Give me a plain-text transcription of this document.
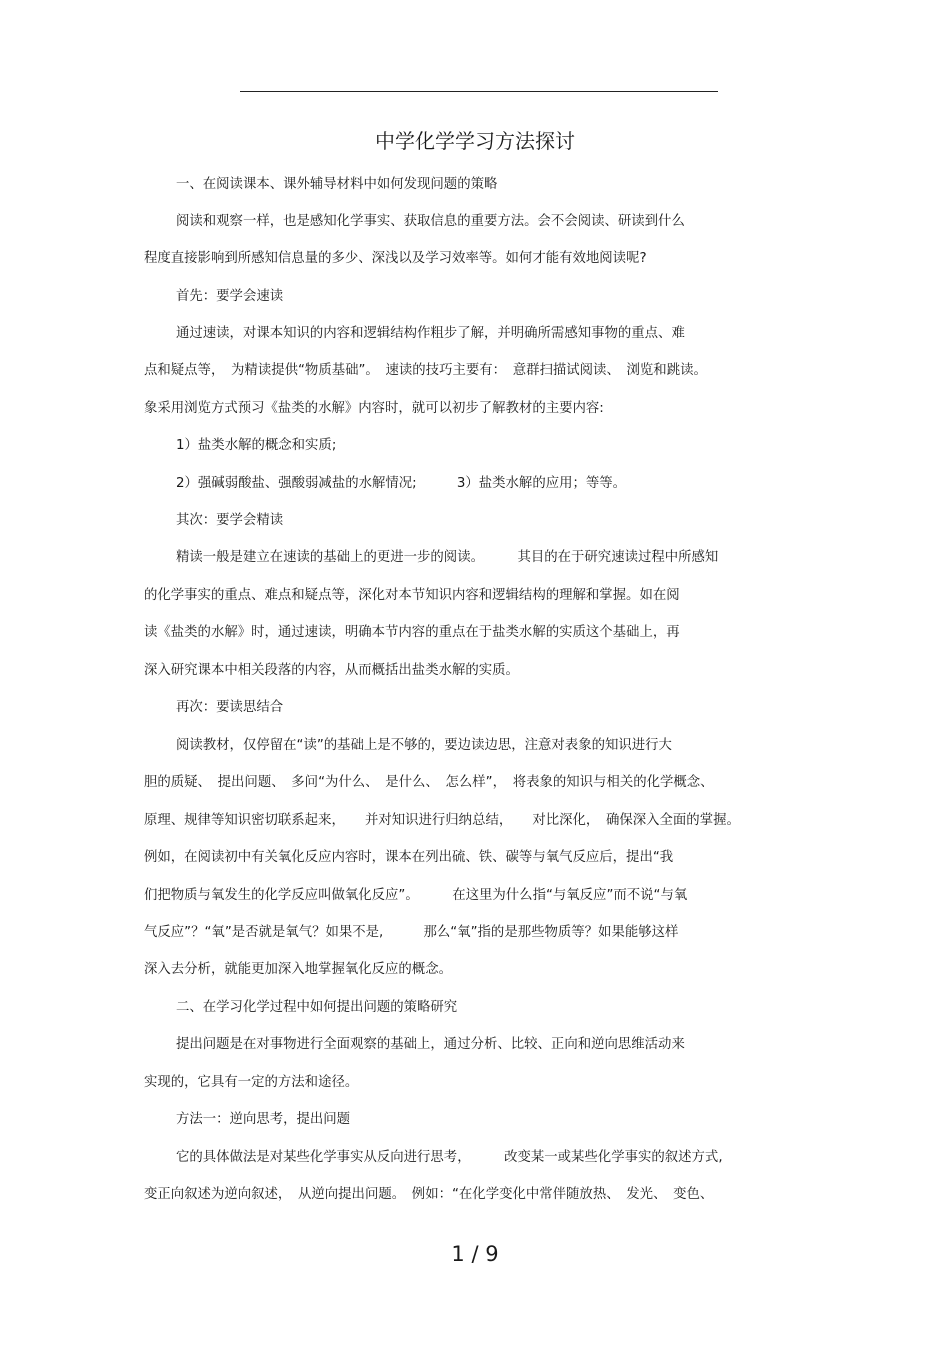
中学化学学习方法探讨
一、在阅读课本、课外辅导材料中如何发现问题的策略
阅读和观察一样，也是感知化学事实、获取信息的重要方法。会不会阅读、研读到什么
程度直接影响到所感知信息量的多少、深浅以及学习效率等。如何才能有效地阅读呢?
首先：要学会速读
通过速读，对课本知识的内容和逻辑结构作粗步了解，并明确所需感知事物的重点、难
点和疑点等，　为精读提供“物质基础”。　速读的技巧主要有：　意群扫描试阅读、　浏览和跳读。
象采用浏览方式预习《盐类的水解》内容时，就可以初步了解教材的主要内容:
1）盐类水解的概念和实质;
2）强碱弱酸盐、强酸弱减盐的水解情况;　　　3）盐类水解的应用；等等。
其次：要学会精读
精读一般是建立在速读的基础上的更进一步的阅读。　　　其目的在于研究速读过程中所感知
的化学事实的重点、难点和疑点等，深化对本节知识内容和逻辑结构的理解和掌握。如在阅
读《盐类的水解》时，通过速读，明确本节内容的重点在于盐类水解的实质这个基础上，再
深入研究课本中相关段落的内容，从而概括出盐类水解的实质。
再次：要读思结合
阅读教材，仅停留在“读”的基础上是不够的，要边读边思，注意对表象的知识进行大
胆的质疑、　提出问题、　多问“为什么、　是什么、　怎么样”，　将表象的知识与相关的化学概念、
原理、规律等知识密切联系起来，　　并对知识进行归纳总结，　　对比深化，　确保深入全面的掌握。
例如，在阅读初中有关氧化反应内容时，课本在列出硫、铁、碳等与氧气反应后，提出“我
们把物质与氧发生的化学反应叫做氧化反应”。　　　在这里为什么指“与氧反应”而不说“与氧
气反应”？“氧”是否就是氧气？如果不是,　　　那么“氧”指的是那些物质等？如果能够这样
深入去分析，就能更加深入地掌握氧化反应的概念。
二、在学习化学过程中如何提出问题的策略研究
提出问题是在对事物进行全面观察的基础上，通过分析、比较、正向和逆向思维活动来
实现的，它具有一定的方法和途径。
方法一：逆向思考，提出问题
它的具体做法是对某些化学事实从反向进行思考，　　　改变某一或某些化学事实的叙述方式,
变正向叙述为逆向叙述，　从逆向提出问题。　例如：“在化学变化中常伴随放热、　发光、　变色、
1 / 9
